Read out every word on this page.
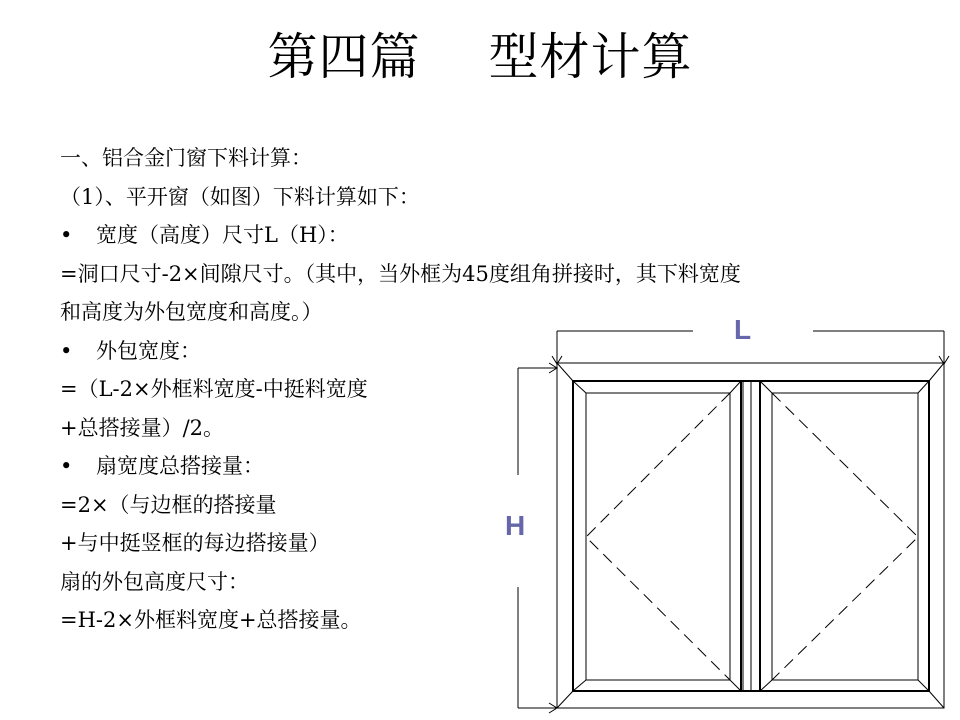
第四篇　 型材计算
一、铝合金门窗下料计算：
（1）、平开窗（如图）下料计算如下：
• 宽度（高度）尺寸L（H）：
=洞口尺寸-2×间隙尺寸。（其中，当外框为45度组角拼接时，其下料宽度
和高度为外包宽度和高度。）
• 外包宽度：
=（L-2×外框料宽度-中挺料宽度
+总搭接量）/2。
• 扇宽度总搭接量：
=2×（与边框的搭接量
+与中挺竖框的每边搭接量）
扇的外包高度尺寸：
=H-2×外框料宽度+总搭接量。
L
H
